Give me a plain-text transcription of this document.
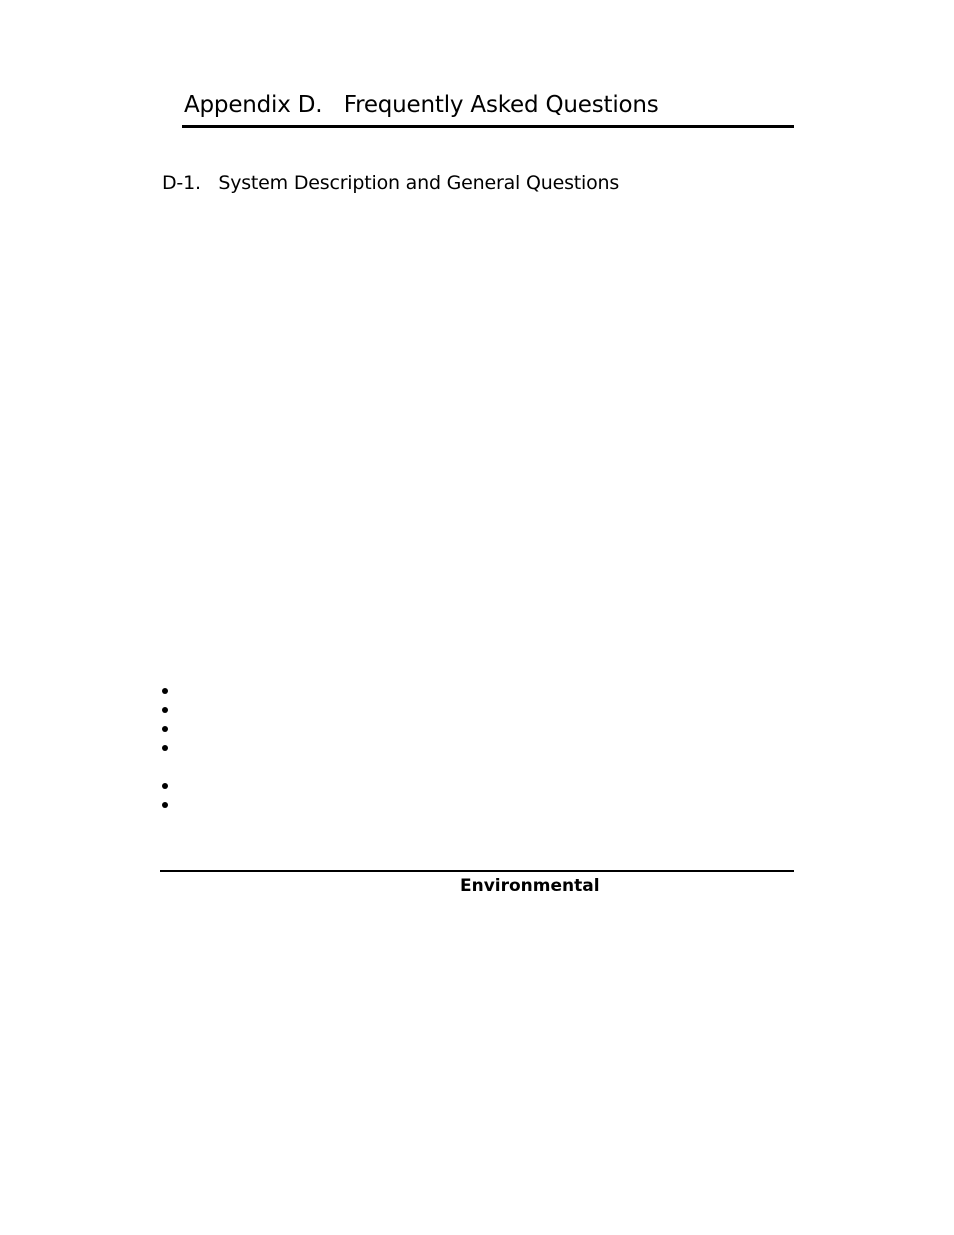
Appendix D.   Frequently Asked Questions
D-1.   System Description and General Questions
Environmental
